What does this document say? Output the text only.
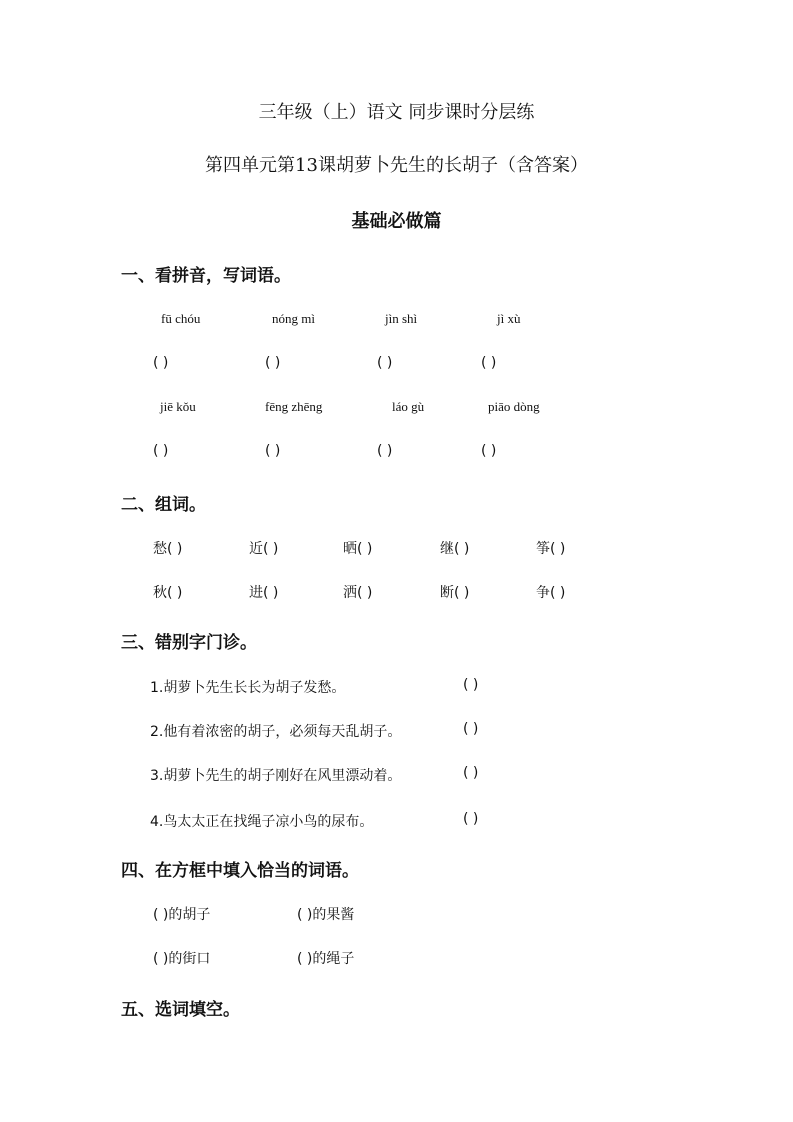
三年级（上）语文 同步课时分层练
第四单元第13课胡萝卜先生的长胡子（含答案）
基础必做篇
一、看拼音，写词语。
fū chóu	nóng mì	jìn shì	jì xù
( )	( )	( )	( )
jiē kǒu	fēng zhēng	láo gù	piāo dòng
( )	( )	( )	( )
二、组词。
愁( )	近( )	晒( )	继( )	筝( )
秋( )	进( )	洒( )	断( )	争( )
三、错别字门诊。
1.胡萝卜先生长长为胡子发愁。	( )
2.他有着浓密的胡子，必须每天乱胡子。	( )
3.胡萝卜先生的胡子刚好在风里漂动着。	( )
4.鸟太太正在找绳子凉小鸟的尿布。	( )
四、在方框中填入恰当的词语。
( )的胡子	( )的果酱
( )的街口	( )的绳子
五、选词填空。
